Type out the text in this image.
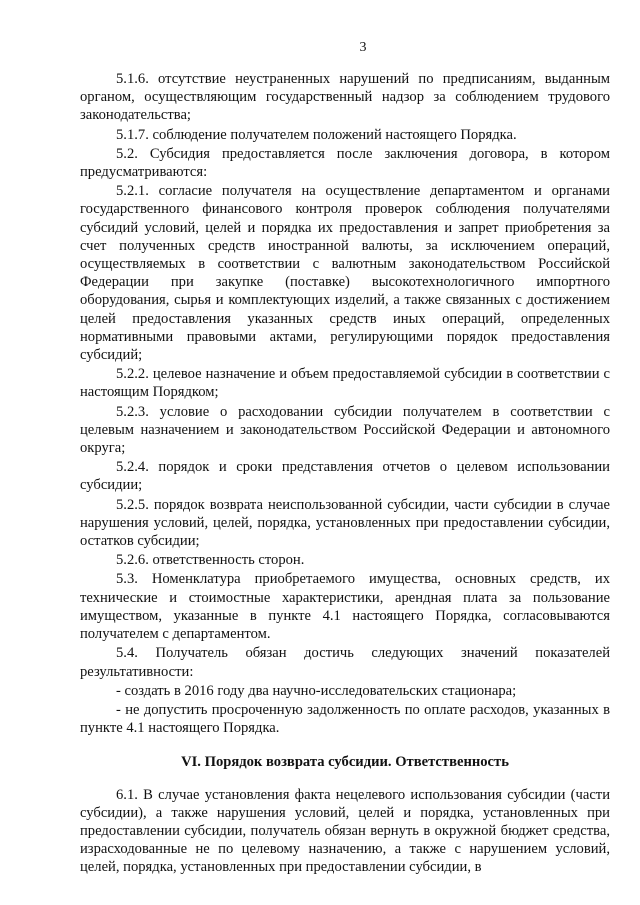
3

5.1.6. отсутствие неустраненных нарушений по предписаниям, выданным органом, осуществляющим государственный надзор за соблюдением трудового законодательства;

5.1.7. соблюдение получателем положений настоящего Порядка.

5.2. Субсидия предоставляется после заключения договора, в котором предусматриваются:

5.2.1. согласие получателя на осуществление департаментом и органами государственного финансового контроля проверок соблюдения получателями субсидий условий, целей и порядка их предоставления и запрет приобретения за счет полученных средств иностранной валюты, за исключением операций, осуществляемых в соответствии с валютным законодательством Российской Федерации при закупке (поставке) высокотехнологичного импортного оборудования, сырья и комплектующих изделий, а также связанных с достижением целей предоставления указанных средств иных операций, определенных нормативными правовыми актами, регулирующими порядок предоставления субсидий;

5.2.2. целевое назначение и объем предоставляемой субсидии в соответствии с настоящим Порядком;

5.2.3. условие о расходовании субсидии получателем в соответствии с целевым назначением и законодательством Российской Федерации и автономного округа;

5.2.4. порядок и сроки представления отчетов о целевом использовании субсидии;

5.2.5. порядок возврата неиспользованной субсидии, части субсидии в случае нарушения условий, целей, порядка, установленных при предоставлении субсидии, остатков субсидии;

5.2.6. ответственность сторон.

5.3. Номенклатура приобретаемого имущества, основных средств, их технические и стоимостные характеристики, арендная плата за пользование имуществом, указанные в пункте 4.1 настоящего Порядка, согласовываются получателем с департаментом.

5.4. Получатель обязан достичь следующих значений показателей результативности:

- создать в 2016 году два научно-исследовательских стационара;

- не допустить просроченную задолженность по оплате расходов, указанных в пункте 4.1 настоящего Порядка.

VI. Порядок возврата субсидии. Ответственность

6.1. В случае установления факта нецелевого использования субсидии (части субсидии), а также нарушения условий, целей и порядка, установленных при предоставлении субсидии, получатель обязан вернуть в окружной бюджет средства, израсходованные не по целевому назначению, а также с нарушением условий, целей, порядка, установленных при предоставлении субсидии, в
